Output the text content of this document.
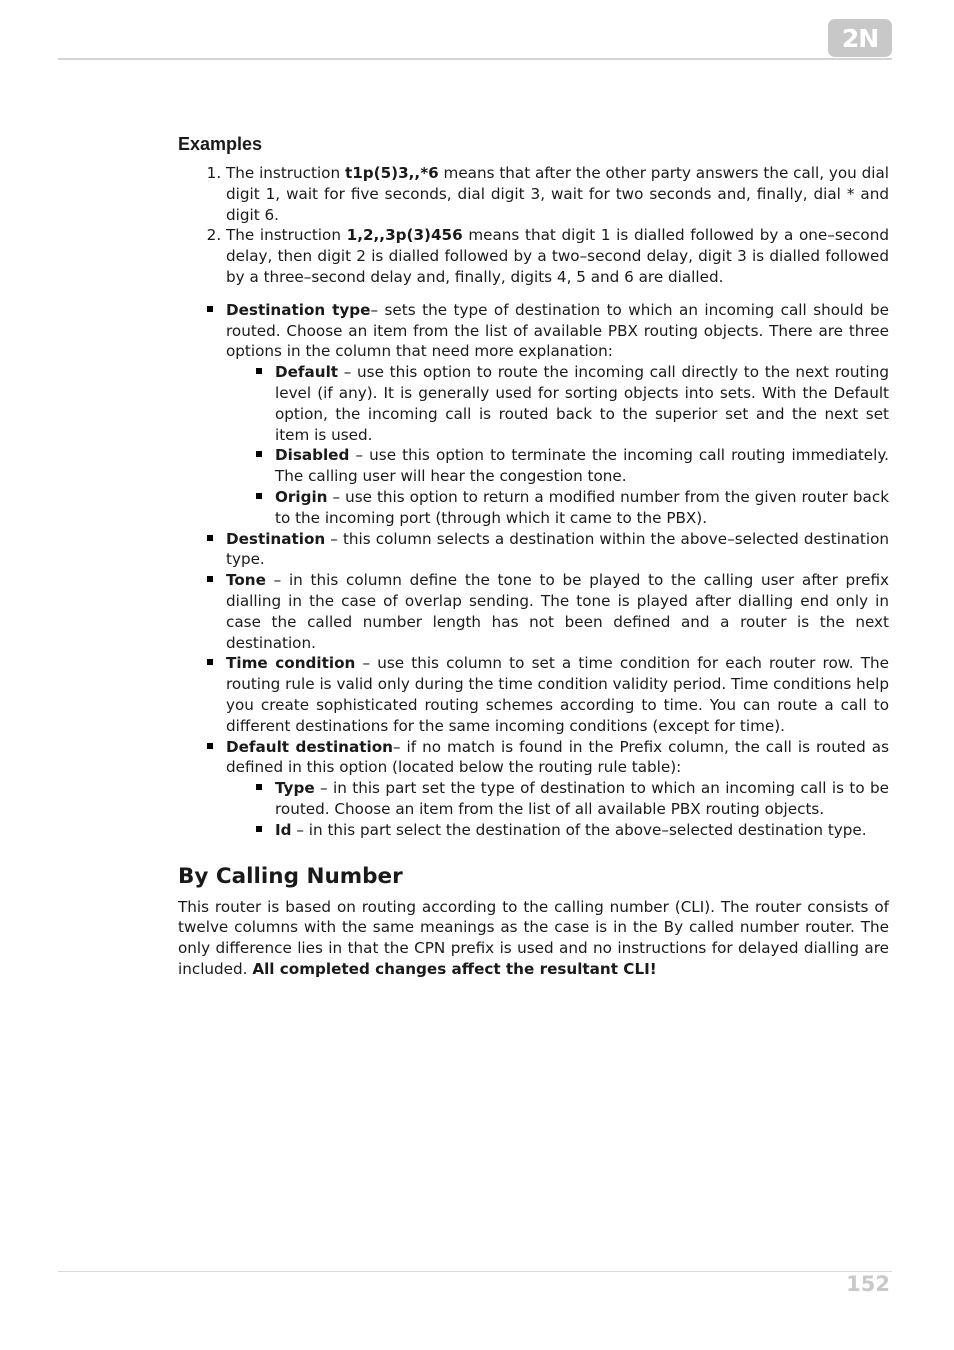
2N
Examples
1. The instruction t1p(5)3,,*6 means that after the other party answers the call, you dial digit 1, wait for five seconds, dial digit 3, wait for two seconds and, finally, dial * and digit 6.
2. The instruction 1,2,,3p(3)456 means that digit 1 is dialled followed by a one–second delay, then digit 2 is dialled followed by a two–second delay, digit 3 is dialled followed by a three–second delay and, finally, digits 4, 5 and 6 are dialled.
Destination type– sets the type of destination to which an incoming call should be routed. Choose an item from the list of available PBX routing objects. There are three options in the column that need more explanation:
Default – use this option to route the incoming call directly to the next routing level (if any). It is generally used for sorting objects into sets. With the Default option, the incoming call is routed back to the superior set and the next set item is used.
Disabled – use this option to terminate the incoming call routing immediately. The calling user will hear the congestion tone.
Origin – use this option to return a modified number from the given router back to the incoming port (through which it came to the PBX).
Destination – this column selects a destination within the above–selected destination type.
Tone – in this column define the tone to be played to the calling user after prefix dialling in the case of overlap sending. The tone is played after dialling end only in case the called number length has not been defined and a router is the next destination.
Time condition – use this column to set a time condition for each router row. The routing rule is valid only during the time condition validity period. Time conditions help you create sophisticated routing schemes according to time. You can route a call to different destinations for the same incoming conditions (except for time).
Default destination– if no match is found in the Prefix column, the call is routed as defined in this option (located below the routing rule table):
Type – in this part set the type of destination to which an incoming call is to be routed. Choose an item from the list of all available PBX routing objects.
Id – in this part select the destination of the above–selected destination type.
By Calling Number

This router is based on routing according to the calling number (CLI). The router consists of twelve columns with the same meanings as the case is in the By called number router. The only difference lies in that the CPN prefix is used and no instructions for delayed dialling are included. All completed changes affect the resultant CLI!

152
